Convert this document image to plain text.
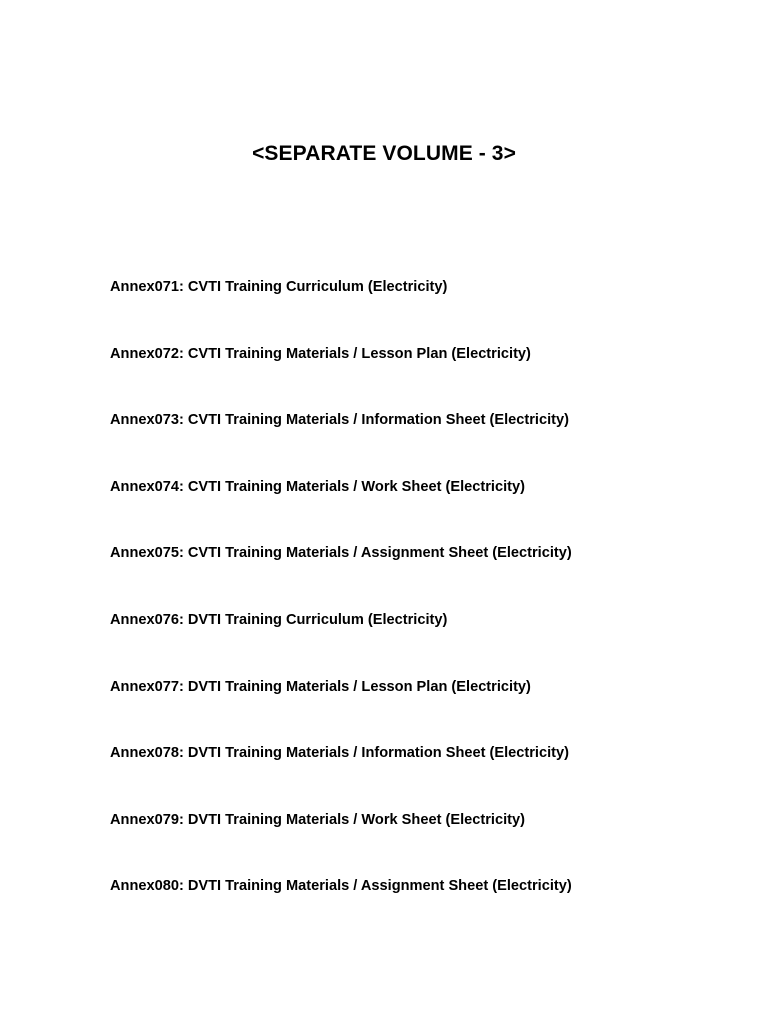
<SEPARATE VOLUME - 3>
Annex071: CVTI Training Curriculum (Electricity)
Annex072: CVTI Training Materials / Lesson Plan (Electricity)
Annex073: CVTI Training Materials / Information Sheet (Electricity)
Annex074: CVTI Training Materials / Work Sheet (Electricity)
Annex075: CVTI Training Materials / Assignment Sheet (Electricity)
Annex076: DVTI Training Curriculum (Electricity)
Annex077: DVTI Training Materials / Lesson Plan (Electricity)
Annex078: DVTI Training Materials / Information Sheet (Electricity)
Annex079: DVTI Training Materials / Work Sheet (Electricity)
Annex080: DVTI Training Materials / Assignment Sheet (Electricity)
